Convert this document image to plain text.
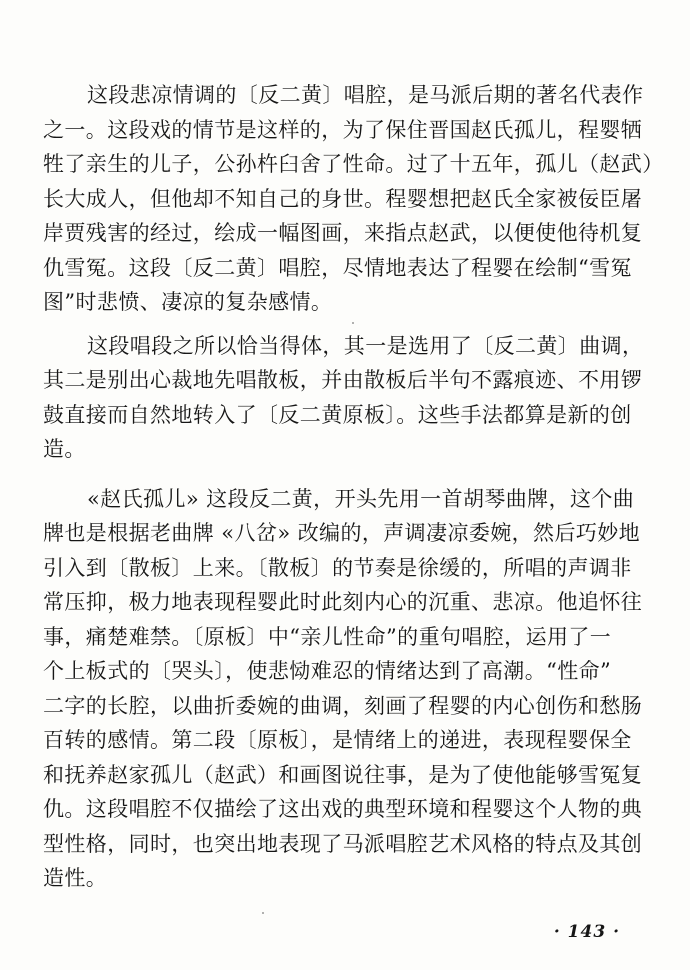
这段悲凉情调的〔反二黄〕唱腔，是马派后期的著名代表作
之一。这段戏的情节是这样的，为了保住晋国赵氏孤儿，程婴牺
牲了亲生的儿子，公孙杵臼舍了性命。过了十五年，孤儿（赵武）
长大成人，但他却不知自己的身世。程婴想把赵氏全家被佞臣屠
岸贾残害的经过，绘成一幅图画，来指点赵武，以便使他待机复
仇雪冤。这段〔反二黄〕唱腔，尽情地表达了程婴在绘制“雪冤
图”时悲愤、凄凉的复杂感情。
这段唱段之所以恰当得体，其一是选用了〔反二黄〕曲调，
其二是别出心裁地先唱散板，并由散板后半句不露痕迹、不用锣
鼓直接而自然地转入了〔反二黄原板〕。这些手法都算是新的创
造。
«赵氏孤儿» 这段反二黄，开头先用一首胡琴曲牌，这个曲
牌也是根据老曲牌 «八岔» 改编的，声调凄凉委婉，然后巧妙地
引入到〔散板〕上来。〔散板〕的节奏是徐缓的，所唱的声调非
常压抑，极力地表现程婴此时此刻内心的沉重、悲凉。他追怀往
事，痛楚难禁。〔原板〕中“亲儿性命”的重句唱腔，运用了一
个上板式的〔哭头〕，使悲恸难忍的情绪达到了高潮。“性命”
二字的长腔，以曲折委婉的曲调，刻画了程婴的内心创伤和愁肠
百转的感情。第二段〔原板〕，是情绪上的递进，表现程婴保全
和抚养赵家孤儿（赵武）和画图说往事，是为了使他能够雪冤复
仇。这段唱腔不仅描绘了这出戏的典型环境和程婴这个人物的典
型性格，同时，也突出地表现了马派唱腔艺术风格的特点及其创
造性。
· 143 ·
